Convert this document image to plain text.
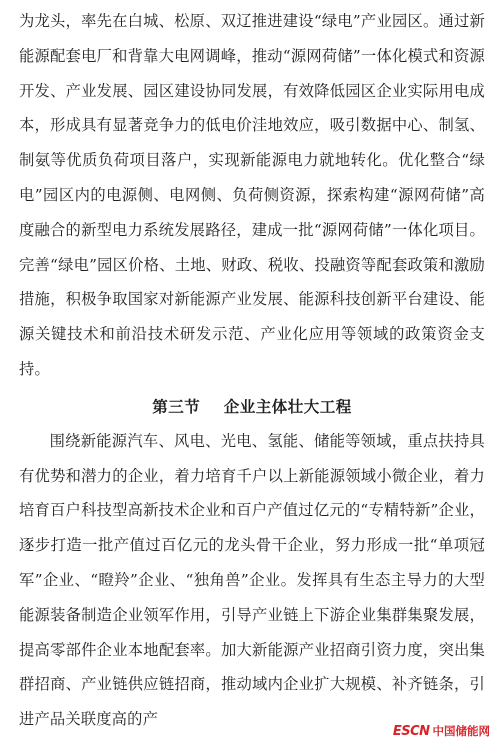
为龙头，率先在白城、松原、双辽推进建设“绿电”产业园区。通过新能源配套电厂和背靠大电网调峰，推动“源网荷储”一体化模式和资源开发、产业发展、园区建设协同发展，有效降低园区企业实际用电成本，形成具有显著竞争力的低电价洼地效应，吸引数据中心、制氢、制氨等优质负荷项目落户，实现新能源电力就地转化。优化整合“绿电”园区内的电源侧、电网侧、负荷侧资源，探索构建“源网荷储”高度融合的新型电力系统发展路径，建成一批“源网荷储”一体化项目。完善“绿电”园区价格、土地、财政、税收、投融资等配套政策和激励措施，积极争取国家对新能源产业发展、能源科技创新平台建设、能源关键技术和前沿技术研发示范、产业化应用等领域的政策资金支持。

第三节 企业主体壮大工程

围绕新能源汽车、风电、光电、氢能、储能等领域，重点扶持具有优势和潜力的企业，着力培育千户以上新能源领域小微企业，着力培育百户科技型高新技术企业和百户产值过亿元的“专精特新”企业，逐步打造一批产值过百亿元的龙头骨干企业，努力形成一批“单项冠军”企业、“瞪羚”企业、“独角兽”企业。发挥具有生态主导力的大型能源装备制造企业领军作用，引导产业链上下游企业集群集聚发展，提高零部件企业本地配套率。加大新能源产业招商引资力度，突出集群招商、产业链供应链招商，推动域内企业扩大规模、补齐链条，引进产品关联度高的产

ESCN 中国储能网
